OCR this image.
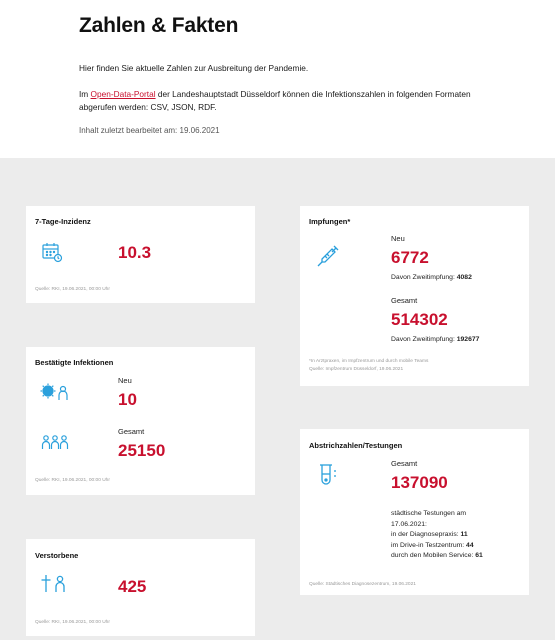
Zahlen & Fakten

Hier finden Sie aktuelle Zahlen zur Ausbreitung der Pandemie.

Im Open-Data-Portal der Landeshauptstadt Düsseldorf können die Infektionszahlen in folgenden Formaten abgerufen werden: CSV, JSON, RDF.

Inhalt zuletzt bearbeitet am: 19.06.2021

7-Tage-Inzidenz
10.3
Quelle: RKI, 19.06.2021, 00:00 Uhr
Bestätigte Infektionen
Neu
10
Gesamt
25150
Quelle: RKI, 19.06.2021, 00:00 Uhr
Verstorbene
425
Quelle: RKI, 19.06.2021, 00:00 Uhr
Impfungen*
Neu
6772
Davon Zweitimpfung: 4082
Gesamt
514302
Davon Zweitimpfung: 192677
*In Arztpraxen, im Impfzentrum und durch mobile Teams
Quelle: Impfzentrum Düsseldorf, 19.06.2021
Abstrichzahlen/Testungen
Gesamt
137090
städtische Testungen am
17.06.2021:
in der Diagnosepraxis: 11
im Drive-in Testzentrum: 44
durch den Mobilen Service: 61
Quelle: Städtisches Diagnosezentrum, 19.06.2021
